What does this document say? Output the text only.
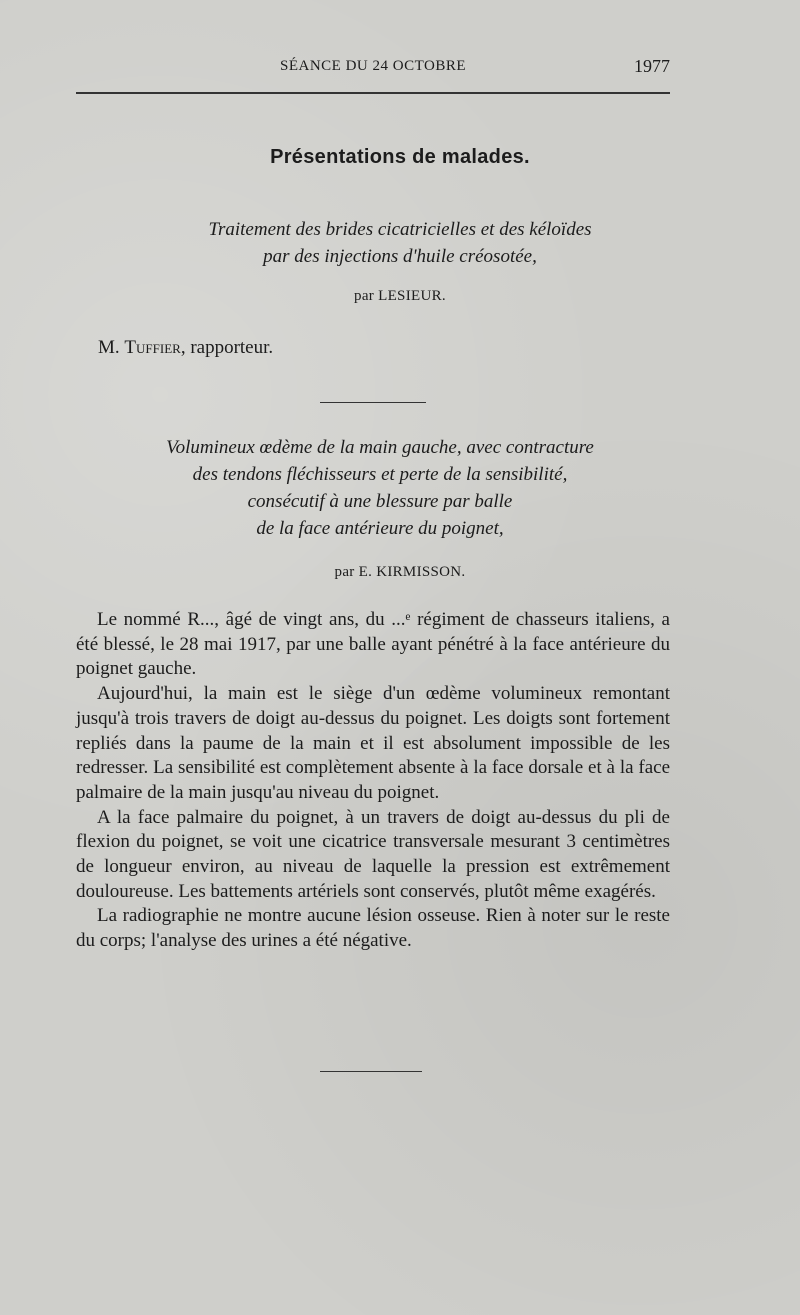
SÉANCE DU 24 OCTOBRE	1977
Présentations de malades.
Traitement des brides cicatricielles et des kéloïdes
par des injections d'huile créosotée,
par LESIEUR.
M. Tuffier, rapporteur.
Volumineux œdème de la main gauche, avec contracture
des tendons fléchisseurs et perte de la sensibilité,
consécutif à une blessure par balle
de la face antérieure du poignet,
par E. KIRMISSON.

Le nommé R..., âgé de vingt ans, du ...ᵉ régiment de chasseurs italiens, a été blessé, le 28 mai 1917, par une balle ayant pénétré à la face antérieure du poignet gauche.

Aujourd'hui, la main est le siège d'un œdème volumineux remontant jusqu'à trois travers de doigt au-dessus du poignet. Les doigts sont fortement repliés dans la paume de la main et il est absolument impossible de les redresser. La sensibilité est complètement absente à la face dorsale et à la face palmaire de la main jusqu'au niveau du poignet.

A la face palmaire du poignet, à un travers de doigt au-dessus du pli de flexion du poignet, se voit une cicatrice transversale mesurant 3 centimètres de longueur environ, au niveau de laquelle la pression est extrêmement douloureuse. Les battements artériels sont conservés, plutôt même exagérés.

La radiographie ne montre aucune lésion osseuse. Rien à noter sur le reste du corps; l'analyse des urines a été négative.
